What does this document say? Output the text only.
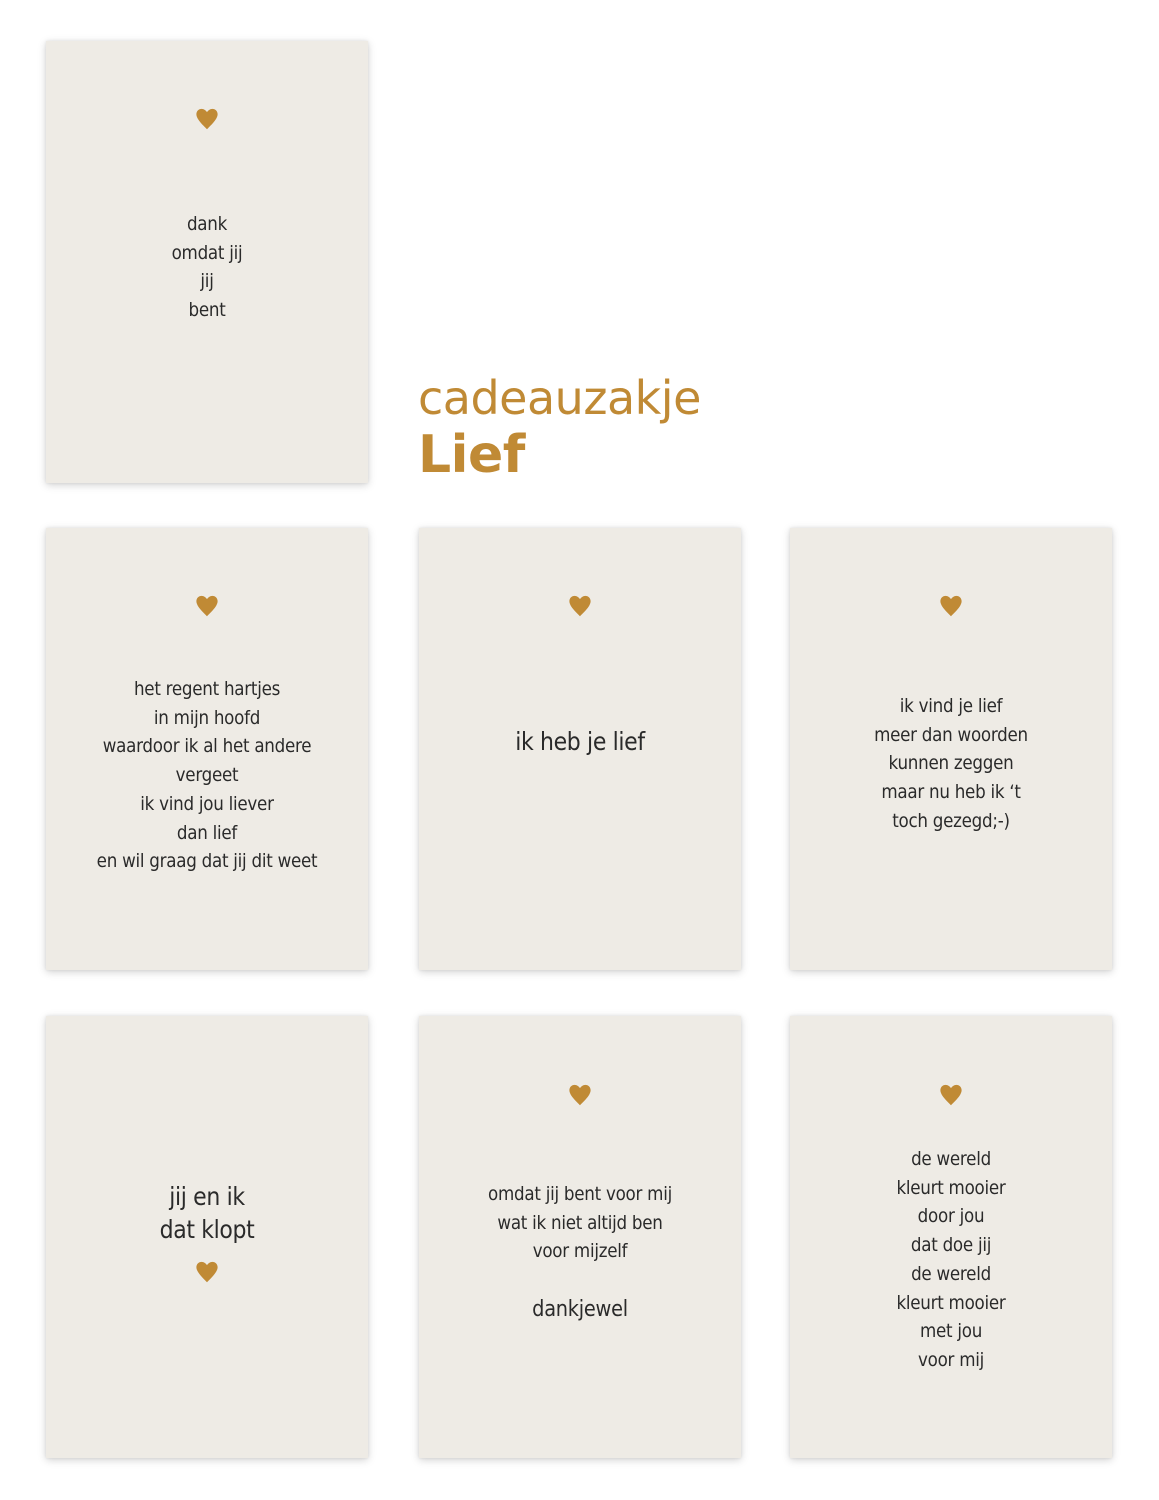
dank
omdat jij
jij
bent
cadeauzakje
Lief
het regent hartjes
in mijn hoofd
waardoor ik al het andere
vergeet
ik vind jou liever
dan lief
en wil graag dat jij dit weet
ik heb je lief
ik vind je lief
meer dan woorden
kunnen zeggen
maar nu heb ik ‘t
toch gezegd;-)
jij en ik
dat klopt
omdat jij bent voor mij
wat ik niet altijd ben
voor mijzelf
dankjewel
de wereld
kleurt mooier
door jou
dat doe jij
de wereld
kleurt mooier
met jou
voor mij
